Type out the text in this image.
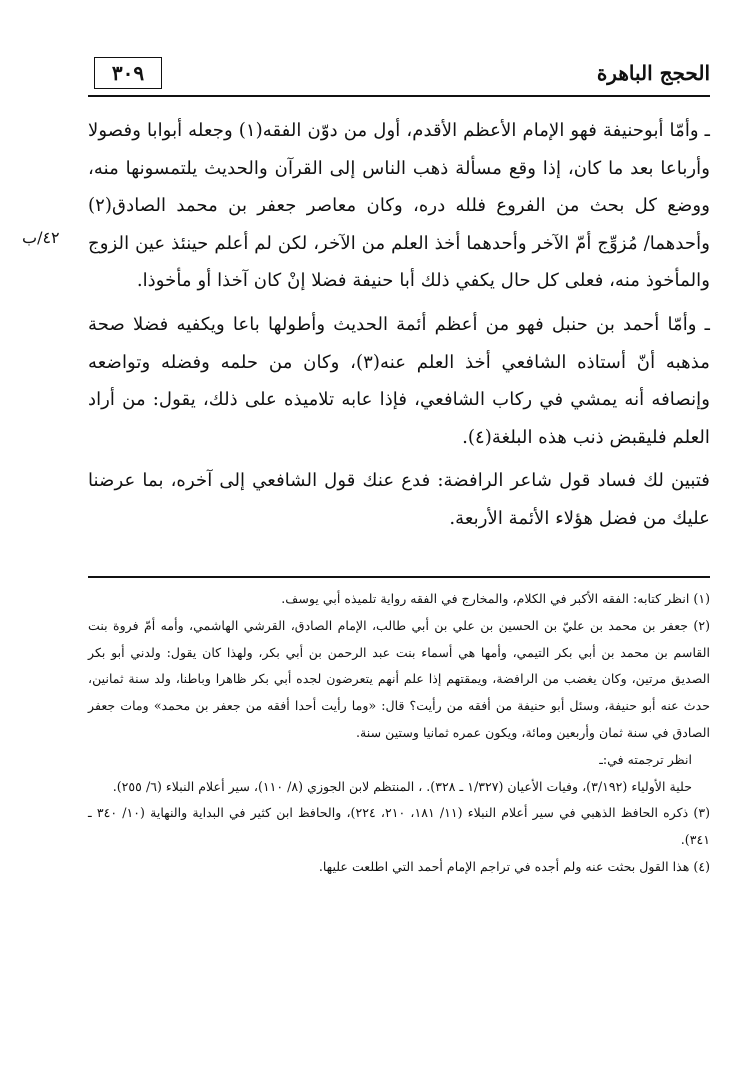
الحجج الباهرة
٣٠٩
٤٢/ب

ـ وأمّا أبوحنيفة فهو الإمام الأعظم الأقدم، أول من دوّن الفقه(١) وجعله أبوابا وفصولا وأرباعا بعد ما كان، إذا وقع مسألة ذهب الناس إلى القرآن والحديث يلتمسونها منه، ووضع كل بحث من الفروع فلله دره، وكان معاصر جعفر بن محمد الصادق(٢) وأحدهما/ مُزوِّج أمّ الآخر وأحدهما أخذ العلم من الآخر، لكن لم أعلم حينئذ عين الزوج والمأخوذ منه، فعلى كل حال يكفي ذلك أبا حنيفة فضلا إنْ كان آخذا أو مأخوذا.

ـ وأمّا أحمد بن حنبل فهو من أعظم أئمة الحديث وأطولها باعا ويكفيه فضلا صحة مذهبه أنّ أستاذه الشافعي أخذ العلم عنه(٣)، وكان من حلمه وفضله وتواضعه وإنصافه أنه يمشي في ركاب الشافعي، فإذا عابه تلاميذه على ذلك، يقول: من أراد العلم فليقبض ذنب هذه البلغة(٤).

فتبين لك فساد قول شاعر الرافضة: فدع عنك قول الشافعي إلى آخره، بما عرضنا عليك من فضل هؤلاء الأئمة الأربعة.

(١) انظر كتابه: الفقه الأكبر في الكلام، والمخارج في الفقه رواية تلميذه أبي يوسف.

(٢) جعفر بن محمد بن عليّ بن الحسين بن علي بن أبي طالب، الإمام الصادق، القرشي الهاشمي، وأمه أمّ فروة بنت القاسم بن محمد بن أبي بكر التيمي، وأمها هي أسماء بنت عبد الرحمن بن أبي بكر، ولهذا كان يقول: ولدني أبو بكر الصديق مرتين، وكان يغضب من الرافضة، ويمقتهم إذا علم أنهم يتعرضون لجده أبي بكر ظاهرا وباطنا، ولد سنة ثمانين، حدث عنه أبو حنيفة، وسئل أبو حنيفة من أفقه من رأيت؟ قال: «وما رأيت أحدا أفقه من جعفر بن محمد» ومات جعفر الصادق في سنة ثمان وأربعين ومائة، ويكون عمره ثمانيا وستين سنة.

انظر ترجمته في:ـ

حلية الأولياء (٣/١٩٢)، وفيات الأعيان (١/٣٢٧ ـ ٣٢٨). ، المنتظم لابن الجوزي (٨/ ١١٠)، سير أعلام النبلاء (٦/ ٢٥٥).

(٣) ذكره الحافظ الذهبي في سير أعلام النبلاء (١١/ ١٨١، ٢١٠، ٢٢٤)، والحافظ ابن كثير في البداية والنهاية (١٠/ ٣٤٠ ـ ٣٤١).

(٤) هذا القول بحثت عنه ولم أجده في تراجم الإمام أحمد التي اطلعت عليها.
